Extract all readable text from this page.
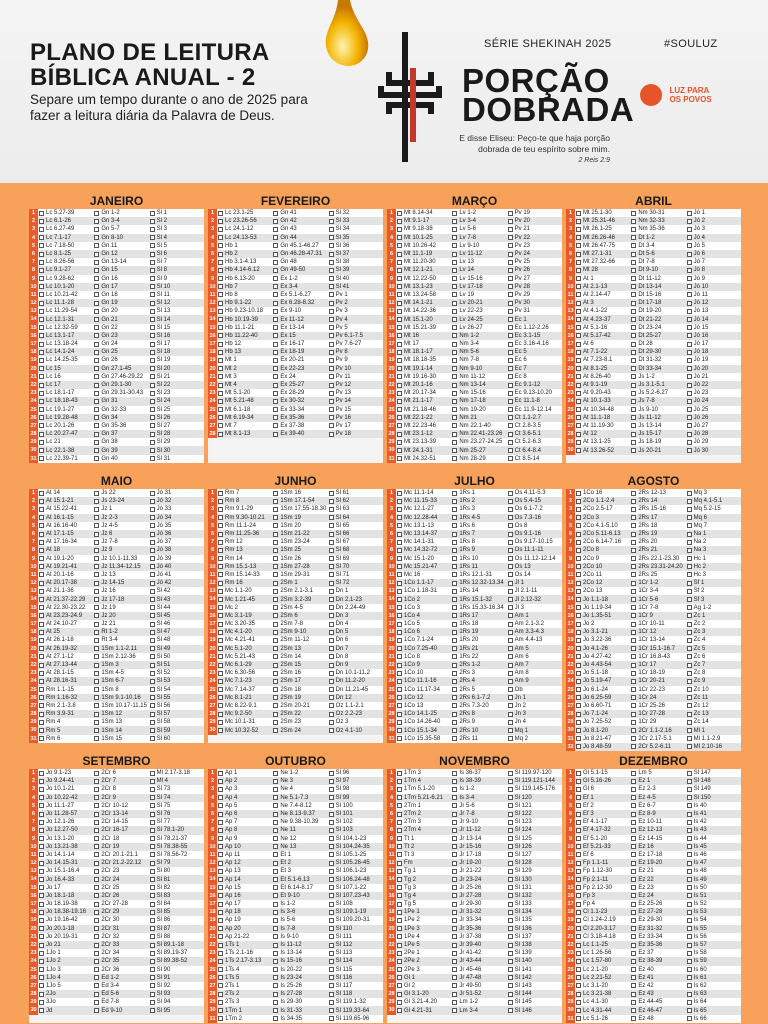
PLANO DE LEITURA
BÍBLICA ANUAL - 2
Separe um tempo durante o ano de 2025 para fazer a leitura diária da Palavra de Deus.
SÉRIE SHEKINAH 2025	#SOULUZ
PORÇÃO
DOBRADA
E disse Eliseu: Peço-te que haja porção dobrada de teu espírito sobre mim.
2 Reis 2:9
LUZ PARA
OS POVOS
JANEIRO
1	Lc 5.27-39	Gn 1-2	Sl 1
2	Lc 6.1-26	Gn 3-4	Sl 2
3	Lc 6.27-49	Gn 5-7	Sl 3
4	Lc 7.1-17	Gn 8-10	Sl 4
5	Lc 7.18-50	Gn 11	Sl 5
6	Lc 8.1-25	Gn 12	Sl 6
7	Lc 8.26-56	Gn 13-14	Sl 7
8	Lc 9.1-27	Gn 15	Sl 8
9	Lc 9.28-62	Gn 16	Sl 9
10 Lc 10.1-20	Gn 17	Sl 10
11 Lc 10.21-42	Gn 18	Sl 11
12 Lc 11.1-28	Gn 19	Sl 12
13 Lc 11.29-54	Gn 20	Sl 13
14 Lc 12.1-31	Gn 21	Sl 14
15 Lc 12.32-59	Gn 22	Sl 15
16 Lc 13.1-17	Gn 23	Sl 16
17 Lc 13.18-24	Gn 24	Sl 17
18 Lc 14.1-24	Gn 25	Sl 18
19 Lc 14.25-35	Gn 26	Sl 19
20 Lc 15	Gn 27.1-45	Sl 20
21 Lc 16	Gn 27.46-29.22 Sl 21
22 Lc 17	Gn 29.1-30	Sl 22
23 Lc 18.1-17	Gn 29.31-30.43 Sl 23
24 Lc 18.18-43	Gn 31	Sl 24
25 Lc 19.1-27	Gn 32-33	Sl 25
26 Lc 19.28-48	Gn 34	Sl 26
27 Lc 20.1-26	Gn 35-36	Sl 27
28 Lc 20.27-47	Gn 37	Sl 28
29 Lc 21	Gn 38	Sl 29
30 Lc 22.1-38	Gn 39	Sl 30
31 Lc 22.39-71	Gn 40	Sl 31
FEVEREIRO
1	Lc 23.1-25	Gn 41	Sl 32
2	Lc 23.26-56	Gn 42	Sl 33
3	Lc 24.1-12	Gn 43	Sl 34
4	Lc 24.13-53	Gn 44	Sl 35
5	Hb 1	Gn 45.1-46.27	Sl 36
6	Hb 2	Gn 46.28-47.31 Sl 37
7	Hb 3.1-4.13	Gn 48	Sl 38
8	Hb 4.14-6.12	Gn 49-50	Sl 39
9	Hb 6.13-20	Ex 1-2	Sl 40
10 Hb 7	Ex 3-4	Sl 41
11 Hb 8	Ex 5.1-6.27	Pv 1
12 Hb 9.1-22	Ex 6.28-8.32	Pv 2
13 Hb 9.23-10.18	Ex 9-10	Pv 3
14 Hb 10.19-39	Ex 11-12	Pv 4
15 Hb 11.1-21	Ex 13-14	Pv 5
16 Hb 11.22-40	Ex 15	Pv 6.1-7.5
17 Hb 12	Ex 16-17	Pv 7.6-27
18 Hb 13	Ex 18-19	Pv 8
19 Mt 1	Ex 20-21	Pv 9
20 Mt 2	Ex 22-23	Pv 10
21 Mt 3	Ex 24	Pv 11
22 Mt 4	Ex 25-27	Pv 12
23 Mt 5.1-20	Ex 28-29	Pv 13
24 Mt 5.21-48	Ex 30-32	Pv 14
25 Mt 6.1-18	Ex 33-34	Pv 15
26 Mt 6.19-34	Ex 35-36	Pv 16
27 Mt 7	Ex 37-38	Pv 17
28 Mt 8.1-13	Ex 39-40	Pv 18
MARÇO
1	Mt 8.14-34	Lv 1-2	Pv 19
2	Mt 9.1-17	Lv 3-4	Pv 20
3	Mt 9.18-38	Lv 5-6	Pv 21
4	Mt 10.1-25	Lv 7-8	Pv 22
5	Mt 10.26-42	Lv 9-10	Pv 23
6	Mt 11.1-19	Lv 11-12	Pv 24
7	Mt 11.20-30	Lv 13	Pv 25
8	Mt 12.1-21	Lv 14	Pv 26
9	Mt 12.22-50	Lv 15-16	Pv 27
10 Mt 13.1-23	Lv 17-18	Pv 28
11 Mt 13.24-58	Lv 19	Pv 29
12 Mt 14.1-21	Lv 20-21	Pv 30
13 Mt 14.22-36	Lv 22-23	Pv 31
14 Mt 15.1-20	Lv 24-25	Ec 1
15 Mt 15.21-39	Lv 26-27	Ec 1.12-2.26
16 Mt 16	Nm 1-2	Ec 3.1-15
17 Mt 17	Nm 3-4	Ec 3.16-4.16
18 Mt 18.1-17	Nm 5-6	Ec 5
19 Mt 18.18-35	Nm 7-8	Ec 6
20 Mt 19.1-14	Nm 9-10	Ec 7
21 Mt 19.16-30	Nm 11-12	Ec 8
22 Mt 20.1-16	Nm 13-14	Ec 9.1-12
23 Mt 20.17-34	Nm 15-16	Ec 9.13-10.20
24 Mt 21.1-17	Nm 17-18	Ec 11.1-8
25 Mt 21.18-46	Nm 19-20	Ec 11.9-12.14
26 Mt 22.1-22	Nm 21	Ct 1.1-2.7
27 Mt 22.23-46	Nm 22.1-40	Ct 2.8-3.5
28 Mt 23.1-12	Nm 22.41-23.26 Ct 3.6-5.1
29 Mt 23.13-39	Nm 23.27-24.25 Ct 5.2-6.3
30 Mt 24.1-31	Nm 25-27	Ct 6.4-8.4
31 Mt 24.32-51	Nm 28-29	Ct 8.5-14
ABRIL
1	Mt 25.1-30	Nm 30-31	Jó 1
2	Mt 25.31-46	Nm 32-33	Jó 2
3	Mt 26.1-25	Nm 35-36	Jó 3
4	Mt 26.26-46	Dt 1-2	Jó 4
5	Mt 26.47-75	Dt 3-4	Jó 5
6	Mt 27.1-31	Dt 5-6	Jó 6
7	Mt 27.32-66	Dt 7-8	Jó 7
8	Mt 28	Dt 9-10	Jó 8
9	At 1	Dt 11-12	Jó 9
10 At 2.1-13	Dt 13-14	Jó 10
11 At 2.14-47	Dt 15-16	Jó 11
12 At 3	Dt 17-18	Jó 12
13 At 4.1-22	Dt 19-20	Jó 13
14 At 4.23-37	Dt 21-22	Jó 14
15 At 5.1-16	Dt 23-24	Jó 15
16 At 5.17-42	Dt 25-27	Jó 16
17 At 6	Dt 28	Jó 17
18 At 7.1-22	Dt 29-30	Jó 18
19 At 7.23-8.1	Dt 31-32	Jó 19
20 At 8.1-25	Dt 33-34	Jó 20
21 At 8.26-40	Js 1-2	Jó 21
22 At 9.1-19	Js 3.1-5.1	Jó 22
23 At 9.20-43	Js 5.2-6.27	Jó 23
24 At 10.1-33	Js 7-8	Jó 24
25 At 10.34-48	Js 9-10	Jó 25
26 At 11.1-18	Js 11-12	Jó 26
27 At 11.19-30	Js 13-14	Jó 27
28 At 12	Js 15-17	Jó 28
29 At 13.1-25	Js 18-19	Jó 29
30 At 13.26-52	Js 20-21	Jó 30
MAIO
1	At 14	Js 22	Jó 31
2	At 15.1-21	Js 23-24	Jó 32
3	At 15.22-41	Jz 1	Jó 33
4	At 16.1-15	Jz 2-3	Jó 34
5	At 16.16-40	Jz 4-5	Jó 35
6	At 17.1-15	Jz 6	Jó 36
7	At 17.16-34	Jz 7-8	Jó 37
8	At 18	Jz 9	Jó 38
9	At 19.1-20	Jz 10.1-11.33	Jó 39
10 At 19.21-41	Jz 11.34-12.15	Jó 40
11 At 20.1-16	Jz 13	Jó 41
12 At 20.17-38	Jz 14-15	Jó 42
13 At 21.1-36	Jz 16	Sl 42
14 At 21.37-22.29	Jz 17-18	Sl 43
15 At 22.30-23.22	Jz 19	Sl 44
16 At 23.23-24.9	Jz 20	Sl 45
17 At 24.10-27	Jz 21	Sl 46
18 At 25	Rt 1-2	Sl 47
19 At 26.1-18	Rt 3-4	Sl 48
20 At 26.19-32	1Sm 1.1-2.11	Sl 49
21 At 27.1-12	1Sm 2.12-36	Sl 50
22 At 27.13-44	1Sm 3	Sl 51
23 At 28.1-15	1Sm 4-5	Sl 52
24 At 28.16-31	1Sm 6-7	Sl 53
25 Rm 1.1-15	1Sm 8	Sl 54
26 Rm 1.16-32	1Sm 9.1-10.16	Sl 55
27 Rm 2.1-3.8	1Sm 10.17-11.15 Sl 56
28 Rm 3.9-31	1Sm 12	Sl 57
29 Rm 4	1Sm 13	Sl 58
30 Rm 5	1Sm 14	Sl 59
31 Rm 6	1Sm 15	Sl 60
JUNHO
1	Rm 7	1Sm 16	Sl 61
2	Rm 8	1Sm 17.1-54	Sl 62
3	Rm 9.1-29	1Sm 17.55-18.30 Sl 63
4	Rm 9.30-10.21	1Sm 19	Sl 64
5	Rm 11.1-24	1Sm 20	Sl 65
6	Rm 11.25-36	1Sm 21-22	Sl 66
7	Rm 12	1Sm 23-24	Sl 67
8	Rm 13	1Sm 25	Sl 68
9	Rm 14	1Sm 26	Sl 69
10 Rm 15.1-13	1Sm 27-28	Sl 70
11 Rm 15.14-33	1Sm 29-31	Sl 71
12 Rm 16	2Sm 1	Sl 72
13 Mc 1.1-20	2Sm 2.1-3.1	Dn 1
14 Mc 1.21-45	2Sm 3.2-39	Dn 2.1-23
15 Mc 2	2Sm 4-5	Dn 2.24-49
16 Mc 3.1-19	2Sm 6	Dn 3
17 Mc 3.20-35	2Sm 7-8	Dn 4
18 Mc 4.1-20	2Sm 9-10	Dn 5
19 Mc 4.21-41	2Sm 11-12	Dn 6
20 Mc 5.1-20	2Sm 13	Dn 7
21 Mc 5.21-43	2Sm 14	Dn 8
22 Mc 6.1-29	2Sm 15	Dn 9
23 Mc 6.30-56	2Sm 16	Dn 10.1-11.2
24 Mc 7.1-23	2Sm 17	Dn 11.2-20
25 Mc 7.14-37	2Sm 18	Dn 11.21-45
26 Mc 8.1-21	2Sm 19	Dn 12
27 Mc 8.22-9.1	2Sm 20-21	Oz 1.1-2.1
28 Mc 9.2-50	2Sm 22	Oz 2.2-23
29 Mc 10.1-31	2Sm 23	Oz 3
30 Mc 10.32-52	2Sm 24	Oz 4.1-10
JULHO
1	Mc 11.1-14	1Rs 1	Os 4.11-5.3
2	Mc 11.15-33	1Rs 2	Os 5.4-15
3	Mc 12.1-27	1Rs 3	Os 6.1-7.2
4	Mc 12.28-44	1Rs 4-5	Os 7.3-16
5	Mc 13.1-13	1Rs 6	Os 8
6	Mc 13.14-37	1Rs 7	Os 9.1-16
7	Mc 14.1-31	1Rs 8	Os 9.17-10.15
8	Mc 14.32-72	1Rs 9	Os 11.1-11
9	Mc 15.1-20	1Rs 10	Os 11.12-12.14
10 Mc 15.21-47	1Rs 11	Os 13
11 Mc 16	1Rs 12.1-31	Os 14
12 1Co 1.1-17	1Rs 12.32-13.34 Jl 1
13 1Co 1.18-31	1Rs 14	Jl 2.1-11
14 1Co 2	1Rs 15.1-32	Jl 2.12-32
15 1Co 3	1Rs 15.33-16.34 Jl 3
16 1Co 4	1Rs 17	Am 1
17 1Co 5	1Rs 18	Am 2.1-3.2
18 1Co 6	1Rs 19	Am 3.3-4.3
19 1Co 7.1-24	1Rs 20	Am 4.4-13
20 1Co 7.25-40	1Rs 21	Am 5
21 1Co 8	1Rs 22	Am 6
22 1Co 9	2Rs 1-2	Am 7
23 1Co 10	2Rs 3	Am 8
24 1Co 11.1-16	2Rs 4	Am 9
25 1Co 11.17-34	2Rs 5	Ob
26 1Co 12	2Rs 6.1-7.2	Jn 1
27 1Co 13	2Rs 7.3-20	Jn 2
28 1Co 14.1-25	2Rs 8	Jn 3
29 1Co 14.26-40	2Rs 9	Jn 4
30 1Co 15.1-34	2Rs 10	Mq 1
31 1Co 15.35-58	2Rs 11	Mq 2
AGOSTO
1	1Co 16	2Rs 12-13	Mq 3
2	2Co 1.1-2.4	2Rs 14	Mq 4.1-5.1
3	2Co 2.5-17	2Rs 15-16	Mq 5.2-15
4	2Co 3	2Rs 17	Mq 6
5	2Co 4.1-5.10	2Rs 18	Mq 7
6	2Co 5.11-6.13	2Rs 19	Na 1
7	2Co 6.14-7.16	2Rs 20	Na 2
8	2Co 8	2Rs 21	Na 3
9	2Co 9	2Rs 22.1-23.30 Hc 1
10 2Co 10	2Rs 23.31-24.20 Hc 2
11 2Co 11	2Rs 25	Hc 3
12 2Co 12	1Cr 1-2	Sf 1
13 2Co 13	1Cr 3-4	Sf 2
14 Jo 1.1-18	1Cr 5-6	Sf 3
15 Jo 1.19-34	1Cr 7-8	Ag 1-2
16 Jo 1.35-51	1Cr 9	Zc 1
17 Jo 2	1Cr 10-11	Zc 2
18 Jo 3.1-21	1Cr 12	Zc 3
19 Jo 3.22-36	1Cr 13-14	Zc 4
20 Jo 4.1-26	1Cr 15.1-16.7	Zc 5
21 Jo 4.27-42	1Cr 16.8-43	Zc 6
22 Jo 4.43-54	1Cr 17	Zc 7
23 Jo 5.1-18	1Cr 18-19	Zc 8
24 Jo 5.19-47	1Cr 20-21	Zc 9
25 Jo 6.1-24	1Cr 22-23	Zc 10
26 Jo 6.25-59	1Cr 24	Zc 11
27 Jo 6.60-71	1Cr 25-26	Zc 12
28 Jo 7.1-24	1Cr 27-28	Zc 13
29 Jo 7.25-52	1Cr 29	Zc 14
30 Jo 8.1-20	2Cr 1.1-2.16	Ml 1
31 Jo 8.21-47	2Cr 2.17-5.1	Ml 1.1-2.9
32 Jo 8.48-59	2Cr 5.2-6.11	Ml 2.10-16
SETEMBRO
1	Jo 9.1-23	2Cr 6	Ml 2.17-3.18
2	Jo 9.24-41	2Cr 7	Ml 4
3	Jo 10.1-21	2Cr 8	Sl 73
4	Jo 10.22-42	2Cr 9	Sl 74
5	Jo 11.1-27	2Cr 10-12	Sl 75
6	Jo 11.28-57	2Cr 13-14	Sl 76
7	Jo 12.1-26	2Cr 14-15	Sl 77
8	Jo 12.27-50	2Cr 16-17	Sl 78.1-20
9	Jo 13.1-20	2Cr 18	Sl 78.21-37
10 Jo 13.21-38	2Cr 19	Sl 78.38-55
11 Jo 14.1-14	2Cr 20.1-21.1	Sl 78.56-72
12 Jo 14.15-31	2Cr 21.2-22.12	Sl 79
13 Jo 15.1-16.4	2Cr 23	Sl 80
14 Jo 16.4-33	2Cr 24	Sl 81
15 Jo 17	2Cr 25	Sl 82
16 Jo 18.1-18	2Cr 26	Sl 83
17 Jo 18.19-38	2Cr 27-28	Sl 84
18 Jo 18.38-19.16	2Cr 29	Sl 85
19 Jo 19.16-42	2Cr 30	Sl 86
20 Jo 20.1-18	2Cr 31	Sl 87
21 Jo 20.19-31	2Cr 32	Sl 88
22 Jo 21	2Cr 33	Sl 89.1-18
23 1Jo 1	2Cr 34	Sl 89.19-37
24 1Jo 2	2Cr 35	Sl 89.38-52
25 1Jo 3	2Cr 36	Sl 90
26 1Jo 4	Ed 1-2	Sl 91
27 1Jo 5	Ed 3-4	Sl 92
28 2Jo	Ed 5-6	Sl 93
29 3Jo	Ed 7-8	Sl 94
30 Jd	Ed 9-10	Sl 95
OUTUBRO
1	Ap 1	Ne 1-2	Sl 96
2	Ap 2	Ne 3	Sl 97
3	Ap 3	Ne 4	Sl 98
4	Ap 4	Ne 5.1-7.3	Sl 99
5	Ap 5	Ne 7.4-8.12	Sl 100
6	Ap 6	Ne 8.13-9.37	Sl 101
7	Ap 7	Ne 9.38-10.39	Sl 102
8	Ap 8	Ne 11	Sl 103
9	Ap 9	Ne 12	Sl 104.1-23
10 Ap 10	Ne 13	Sl 104.24-35
11 Ap 11	Et 1	Sl 105.1-25
12 Ap 12	Et 2	Sl 105.26-45
13 Ap 13	Et 3	Sl 106.1-23
14 Ap 14	Et 5.1-6.13	Sl 106.24-48
15 Ap 15	Et 6.14-8.17	Sl 107.1-22
16 Ap 16	Et 9-10	Sl 107.23-43
17 Ap 17	Is 1-2	Sl 108
18 Ap 18	Is 3-6	Sl 109.1-19
19 Ap 19	Is 5-6	Sl 109.20-31
20 Ap 20	Is 7-8	Sl 110
21 Ap 21-22	Is 9-10	Sl 111
22 1Ts 1	Is 11-12	Sl 112
23 1Ts 2.1-16	Is 13-14	Sl 113
24 1Ts 2.17-3.13	Is 15-16	Sl 114
25 1Ts 4	Is 20-22	Sl 115
26 1Ts 5	Is 23-24	Sl 116
27 2Ts 1	Is 25-26	Sl 117
28 2Ts 2	Is 27-28	Sl 118
29 2Ts 3	Is 29-30	Sl 119.1-32
30 1Tm 1	Is 31-33	Sl 119.33-64
31 1Tm 2	Is 34-35	Sl 119.65-96
NOVEMBRO
1	1Tm 3	Is 36-37	Sl 119.97-120
2	1Tm 4	Is 38-39	Sl 119.121-144
3	1Tm 5.1-20	Is 1-2	Sl 119.145-176
4	1Tm 5.21-6.21	Is 3-4	Sl 120
5	2Tm 1	Jr 5-6	Sl 121
6	2Tm 2	Jr 7-8	Sl 122
7	2Tm 3	Jr 9-10	Sl 123
8	2Tm 4	Jr 11-12	Sl 124
9	Tt 1	Jr 13-14	Sl 125
10 Tt 2	Jr 15-16	Sl 126
11 Tt 3	Jr 17-18	Sl 127
12 Fm	Jr 19-20	Sl 128
13 Tg 1	Jr 21-22	Sl 129
14 Tg 2	Jr 23-24	Sl 130
15 Tg 3	Jr 25-26	Sl 131
16 Tg 4	Jr 27-28	Sl 132
17 Tg 5	Jr 29-30	Sl 133
18 1Pe 1	Jr 31-32	Sl 134
19 1Pe 2	Jr 33-34	Sl 135
20 1Pe 3	Jr 35-36	Sl 136
21 1Pe 4	Jr 37-38	Sl 137
22 1Pe 5	Jr 39-40	Sl 138
23 2Pe 1	Jr 41-42	Sl 139
24 2Pe 2	Jr 43-44	Sl 140
25 2Pe 3	Jr 45-46	Sl 141
26 Gl 1	Jr 47-48	Sl 142
27 Gl 2	Jr 49-50	Sl 143
28 Gl 3.1-20	Jr 51-52	Sl 144
29 Gl 3.21-4.20	Lm 1-2	Sl 145
30 Gl 4.21-31	Lm 3-4	Sl 146
DEZEMBRO
1	Gl 5.1-15	Lm 5	Sl 147
2	Gl 5.16-26	Ez 1	Sl 148
3	Gl 6	Ez 2-3	Sl 149
4	Ef 1	Ez 4-5	Sl 150
5	Ef 2	Ez 6-7	Is 40
6	Ef 3	Ez 8-9	Is 41
7	Ef 4.1-17	Ez 10-11	Is 42
8	Ef 4.17-32	Ez 12-13	Is 43
9	Ef 5.1-20	Ez 14-15	Is 44
10 Ef 5.21-33	Ez 16	Is 45
11 Ef 6	Ez 17-18	Is 46
12 Fp 1.1-11	Ez 19-20	Is 47
13 Fp 1.12-30	Ez 21	Is 48
14 Fp 2.1-11	Ez 22	Is 49
15 Fp 2.12-30	Ez 23	Is 50
16 Fp 3	Ez 24	Is 51
17 Fp 4	Ez 25-26	Is 52
18 Cl 1.1-23	Ez 27-28	Is 53
19 Cl 1.24-2.19	Ez 29-30	Is 54
20 Cl 2.20-3.17	Ez 31-32	Is 55
21 Cl 3.18-4.18	Ez 33-34	Is 56
22 Lc 1.1-25	Ez 35-36	Is 57
23 Lc 1.26-56	Ez 37	Is 58
24 Lc 1.57-80	Ez 38-39	Is 59
25 Lc 2.1-20	Ez 40	Is 60
26 Lc 2.21-52	Ez 41	Is 61
27 Lc 3.1-20	Ez 42	Is 62
28 Lc 3.21-38	Ez 43	Is 63
29 Lc 4.1-30	Ez 44-45	Is 64
30 Lc 4.31-44	Ez 46-47	Is 65
31 Lc 5.1-26	Ez 48	Is 66
